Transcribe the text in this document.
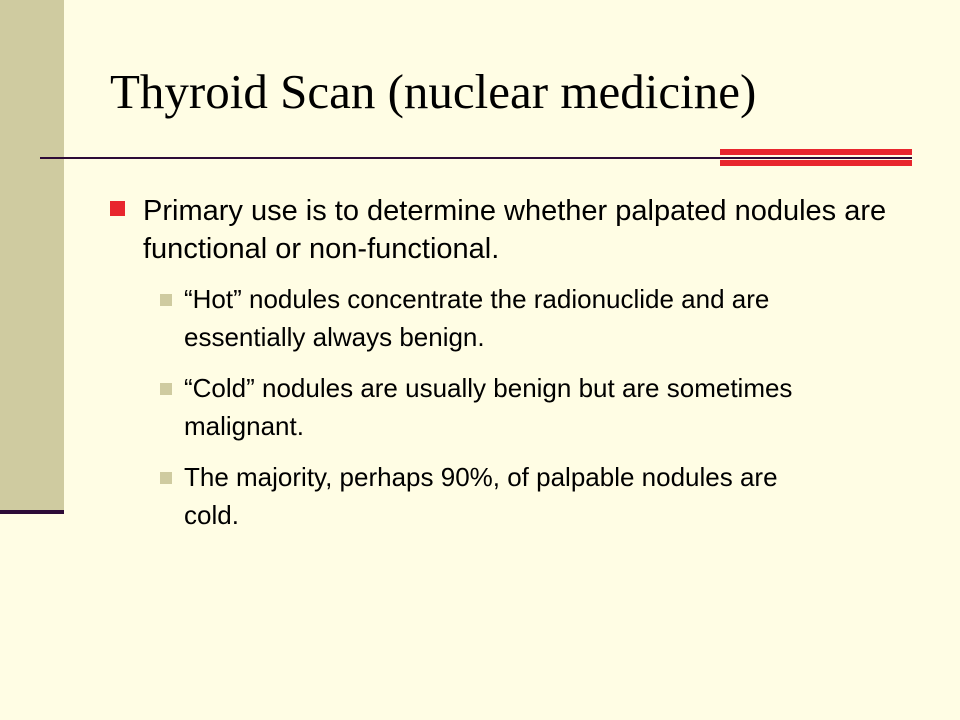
Thyroid Scan (nuclear medicine)
Primary use is to determine whether palpated nodules are functional or non-functional.
“Hot” nodules concentrate the radionuclide and are essentially always benign.
“Cold” nodules are usually benign but are sometimes malignant.
The majority, perhaps 90%, of palpable nodules are cold.
